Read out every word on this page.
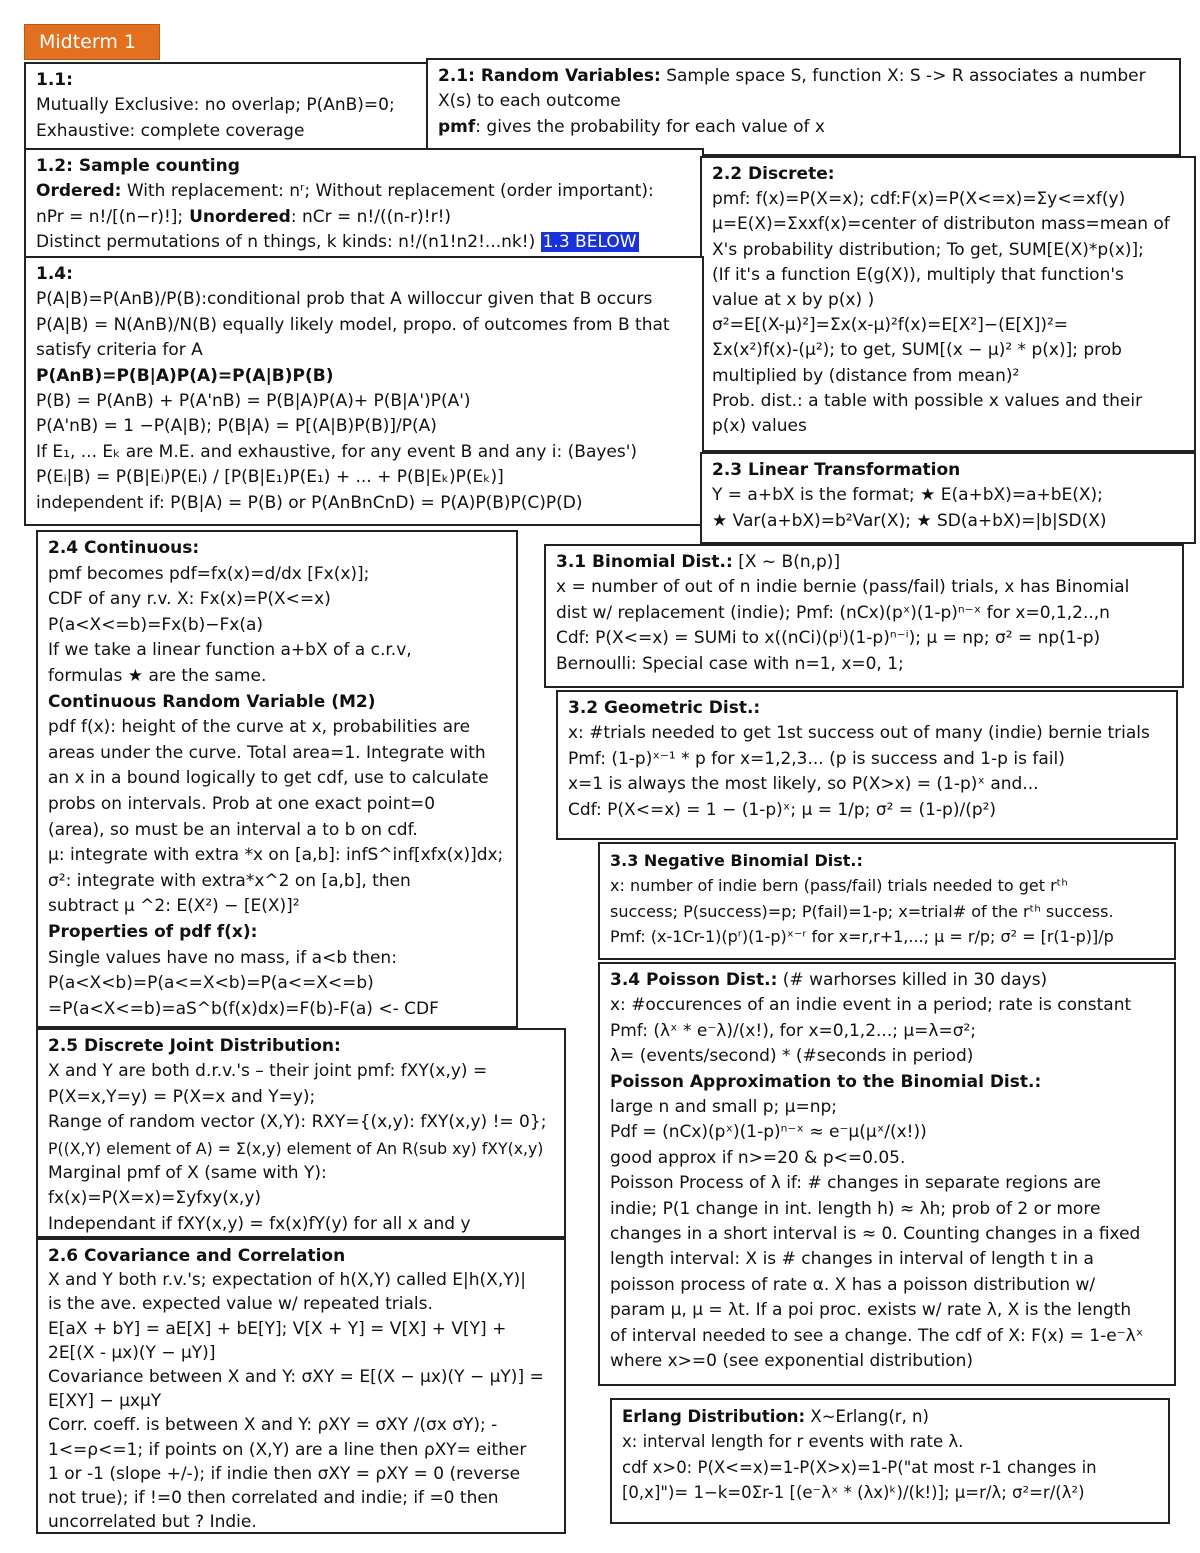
Midterm 1

1.1:

Mutually Exclusive: no overlap; P(AnB)=0;

Exhaustive: complete coverage

2.1: Random Variables: Sample space S, function X: S -> R associates a number

X(s) to each outcome

pmf: gives the probability for each value of x

1.2: Sample counting

Ordered: With replacement: nʳ; Without replacement (order important):

nPr = n!/[(n−r)!]; Unordered: nCr = n!/((n-r)!r!)

Distinct permutations of n things, k kinds: n!/(n1!n2!...nk!) 1.3 BELOW

2.2 Discrete:

pmf: f(x)=P(X=x); cdf:F(x)=P(X<=x)=Σy<=xf(y)

μ=E(X)=Σxxf(x)=center of distributon mass=mean of

X's probability distribution; To get, SUM[E(X)*p(x)];

(If it's a function E(g(X)), multiply that function's

value at x by p(x) )

σ²=E[(X-μ)²]=Σx(x-μ)²f(x)=E[X²]−(E[X])²=

Σx(x²)f(x)-(μ²); to get, SUM[(x − μ)² * p(x)]; prob

multiplied by (distance from mean)²

Prob. dist.: a table with possible x values and their

p(x) values

1.4:

P(A|B)=P(AnB)/P(B):conditional prob that A willoccur given that B occurs

P(A|B) = N(AnB)/N(B) equally likely model, propo. of outcomes from B that

satisfy criteria for A

P(AnB)=P(B|A)P(A)=P(A|B)P(B)

P(B) = P(AnB) + P(A'nB) = P(B|A)P(A)+ P(B|A')P(A')

P(A'nB) = 1 −P(A|B); P(B|A) = P[(A|B)P(B)]/P(A)

If E₁, ... Eₖ are M.E. and exhaustive, for any event B and any i: (Bayes')

P(Eᵢ|B) = P(B|Eᵢ)P(Eᵢ) / [P(B|E₁)P(E₁) + ... + P(B|Eₖ)P(Eₖ)]

independent if: P(B|A) = P(B) or P(AnBnCnD) = P(A)P(B)P(C)P(D)

2.3 Linear Transformation

Y = a+bX is the format; ★ E(a+bX)=a+bE(X);

★ Var(a+bX)=b²Var(X); ★ SD(a+bX)=|b|SD(X)

2.4 Continuous:

pmf becomes pdf=fx(x)=d/dx [Fx(x)];

CDF of any r.v. X: Fx(x)=P(X<=x)

P(a<X<=b)=Fx(b)−Fx(a)

If we take a linear function a+bX of a c.r.v,

formulas ★ are the same.

Continuous Random Variable (M2)

pdf f(x): height of the curve at x, probabilities are

areas under the curve. Total area=1. Integrate with

an x in a bound logically to get cdf, use to calculate

probs on intervals. Prob at one exact point=0

(area), so must be an interval a to b on cdf.

μ: integrate with extra *x on [a,b]: infS^inf[xfx(x)]dx;

σ²: integrate with extra*x^2 on [a,b], then

subtract μ ^2: E(X²) − [E(X)]²

Properties of pdf f(x):

Single values have no mass, if a<b then:

P(a<X<b)=P(a<=X<b)=P(a<=X<=b)

=P(a<X<=b)=aS^b(f(x)dx)=F(b)-F(a) <- CDF

3.1 Binomial Dist.: [X ~ B(n,p)]

x = number of out of n indie bernie (pass/fail) trials, x has Binomial

dist w/ replacement (indie); Pmf: (nCx)(pˣ)(1-p)ⁿ⁻ˣ for x=0,1,2..,n

Cdf: P(X<=x) = SUMi to x((nCi)(pⁱ)(1-p)ⁿ⁻ⁱ); μ = np; σ² = np(1-p)

Bernoulli: Special case with n=1, x=0, 1;

3.2 Geometric Dist.:

x: #trials needed to get 1st success out of many (indie) bernie trials

Pmf: (1-p)ˣ⁻¹ * p for x=1,2,3... (p is success and 1-p is fail)

x=1 is always the most likely, so P(X>x) = (1-p)ˣ and...

Cdf: P(X<=x) = 1 − (1-p)ˣ; μ = 1/p; σ² = (1-p)/(p²)

3.3 Negative Binomial Dist.:

x: number of indie bern (pass/fail) trials needed to get rᵗʰ

success; P(success)=p; P(fail)=1-p; x=trial# of the rᵗʰ success.

Pmf: (x-1Cr-1)(pʳ)(1-p)ˣ⁻ʳ for x=r,r+1,...; μ = r/p; σ² = [r(1-p)]/p

2.5 Discrete Joint Distribution:

X and Y are both d.r.v.'s – their joint pmf: fXY(x,y) =

P(X=x,Y=y) = P(X=x and Y=y);

Range of random vector (X,Y): RXY={(x,y): fXY(x,y) != 0};

P((X,Y) element of A) = Σ(x,y) element of An R(sub xy) fXY(x,y)

Marginal pmf of X (same with Y):

fx(x)=P(X=x)=Σyfxy(x,y)

Independant if fXY(x,y) = fx(x)fY(y) for all x and y

3.4 Poisson Dist.: (# warhorses killed in 30 days)

x: #occurences of an indie event in a period; rate is constant

Pmf: (λˣ * e⁻λ)/(x!), for x=0,1,2...; μ=λ=σ²;

λ= (events/second) * (#seconds in period)

Poisson Approximation to the Binomial Dist.:

large n and small p; μ=np;

Pdf = (nCx)(pˣ)(1-p)ⁿ⁻ˣ ≈ e⁻μ(μˣ/(x!))

good approx if n>=20 & p<=0.05.

Poisson Process of λ if: # changes in separate regions are

indie; P(1 change in int. length h) ≈ λh; prob of 2 or more

changes in a short interval is ≈ 0. Counting changes in a fixed

length interval: X is # changes in interval of length t in a

poisson process of rate α. X has a poisson distribution w/

param μ, μ = λt. If a poi proc. exists w/ rate λ, X is the length

of interval needed to see a change. The cdf of X: F(x) = 1-e⁻λˣ

where x>=0 (see exponential distribution)

2.6 Covariance and Correlation

X and Y both r.v.'s; expectation of h(X,Y) called E|h(X,Y)|

is the ave. expected value w/ repeated trials.

E[aX + bY] = aE[X] + bE[Y]; V[X + Y] = V[X] + V[Y] +

2E[(X - μx)(Y − μY)]

Covariance between X and Y: σXY = E[(X − μx)(Y − μY)] =

E[XY] − μxμY

Corr. coeff. is between X and Y: ρXY = σXY /(σx σY); -

1<=ρ<=1; if points on (X,Y) are a line then ρXY= either

1 or -1 (slope +/-); if indie then σXY = ρXY = 0 (reverse

not true); if !=0 then correlated and indie; if =0 then

uncorrelated but ? Indie.

Erlang Distribution: X~Erlang(r, n)

x: interval length for r events with rate λ.

cdf x>0: P(X<=x)=1-P(X>x)=1-P("at most r-1 changes in

[0,x]")= 1−k=0Σr-1 [(e⁻λˣ * (λx)ᵏ)/(k!)]; μ=r/λ; σ²=r/(λ²)
